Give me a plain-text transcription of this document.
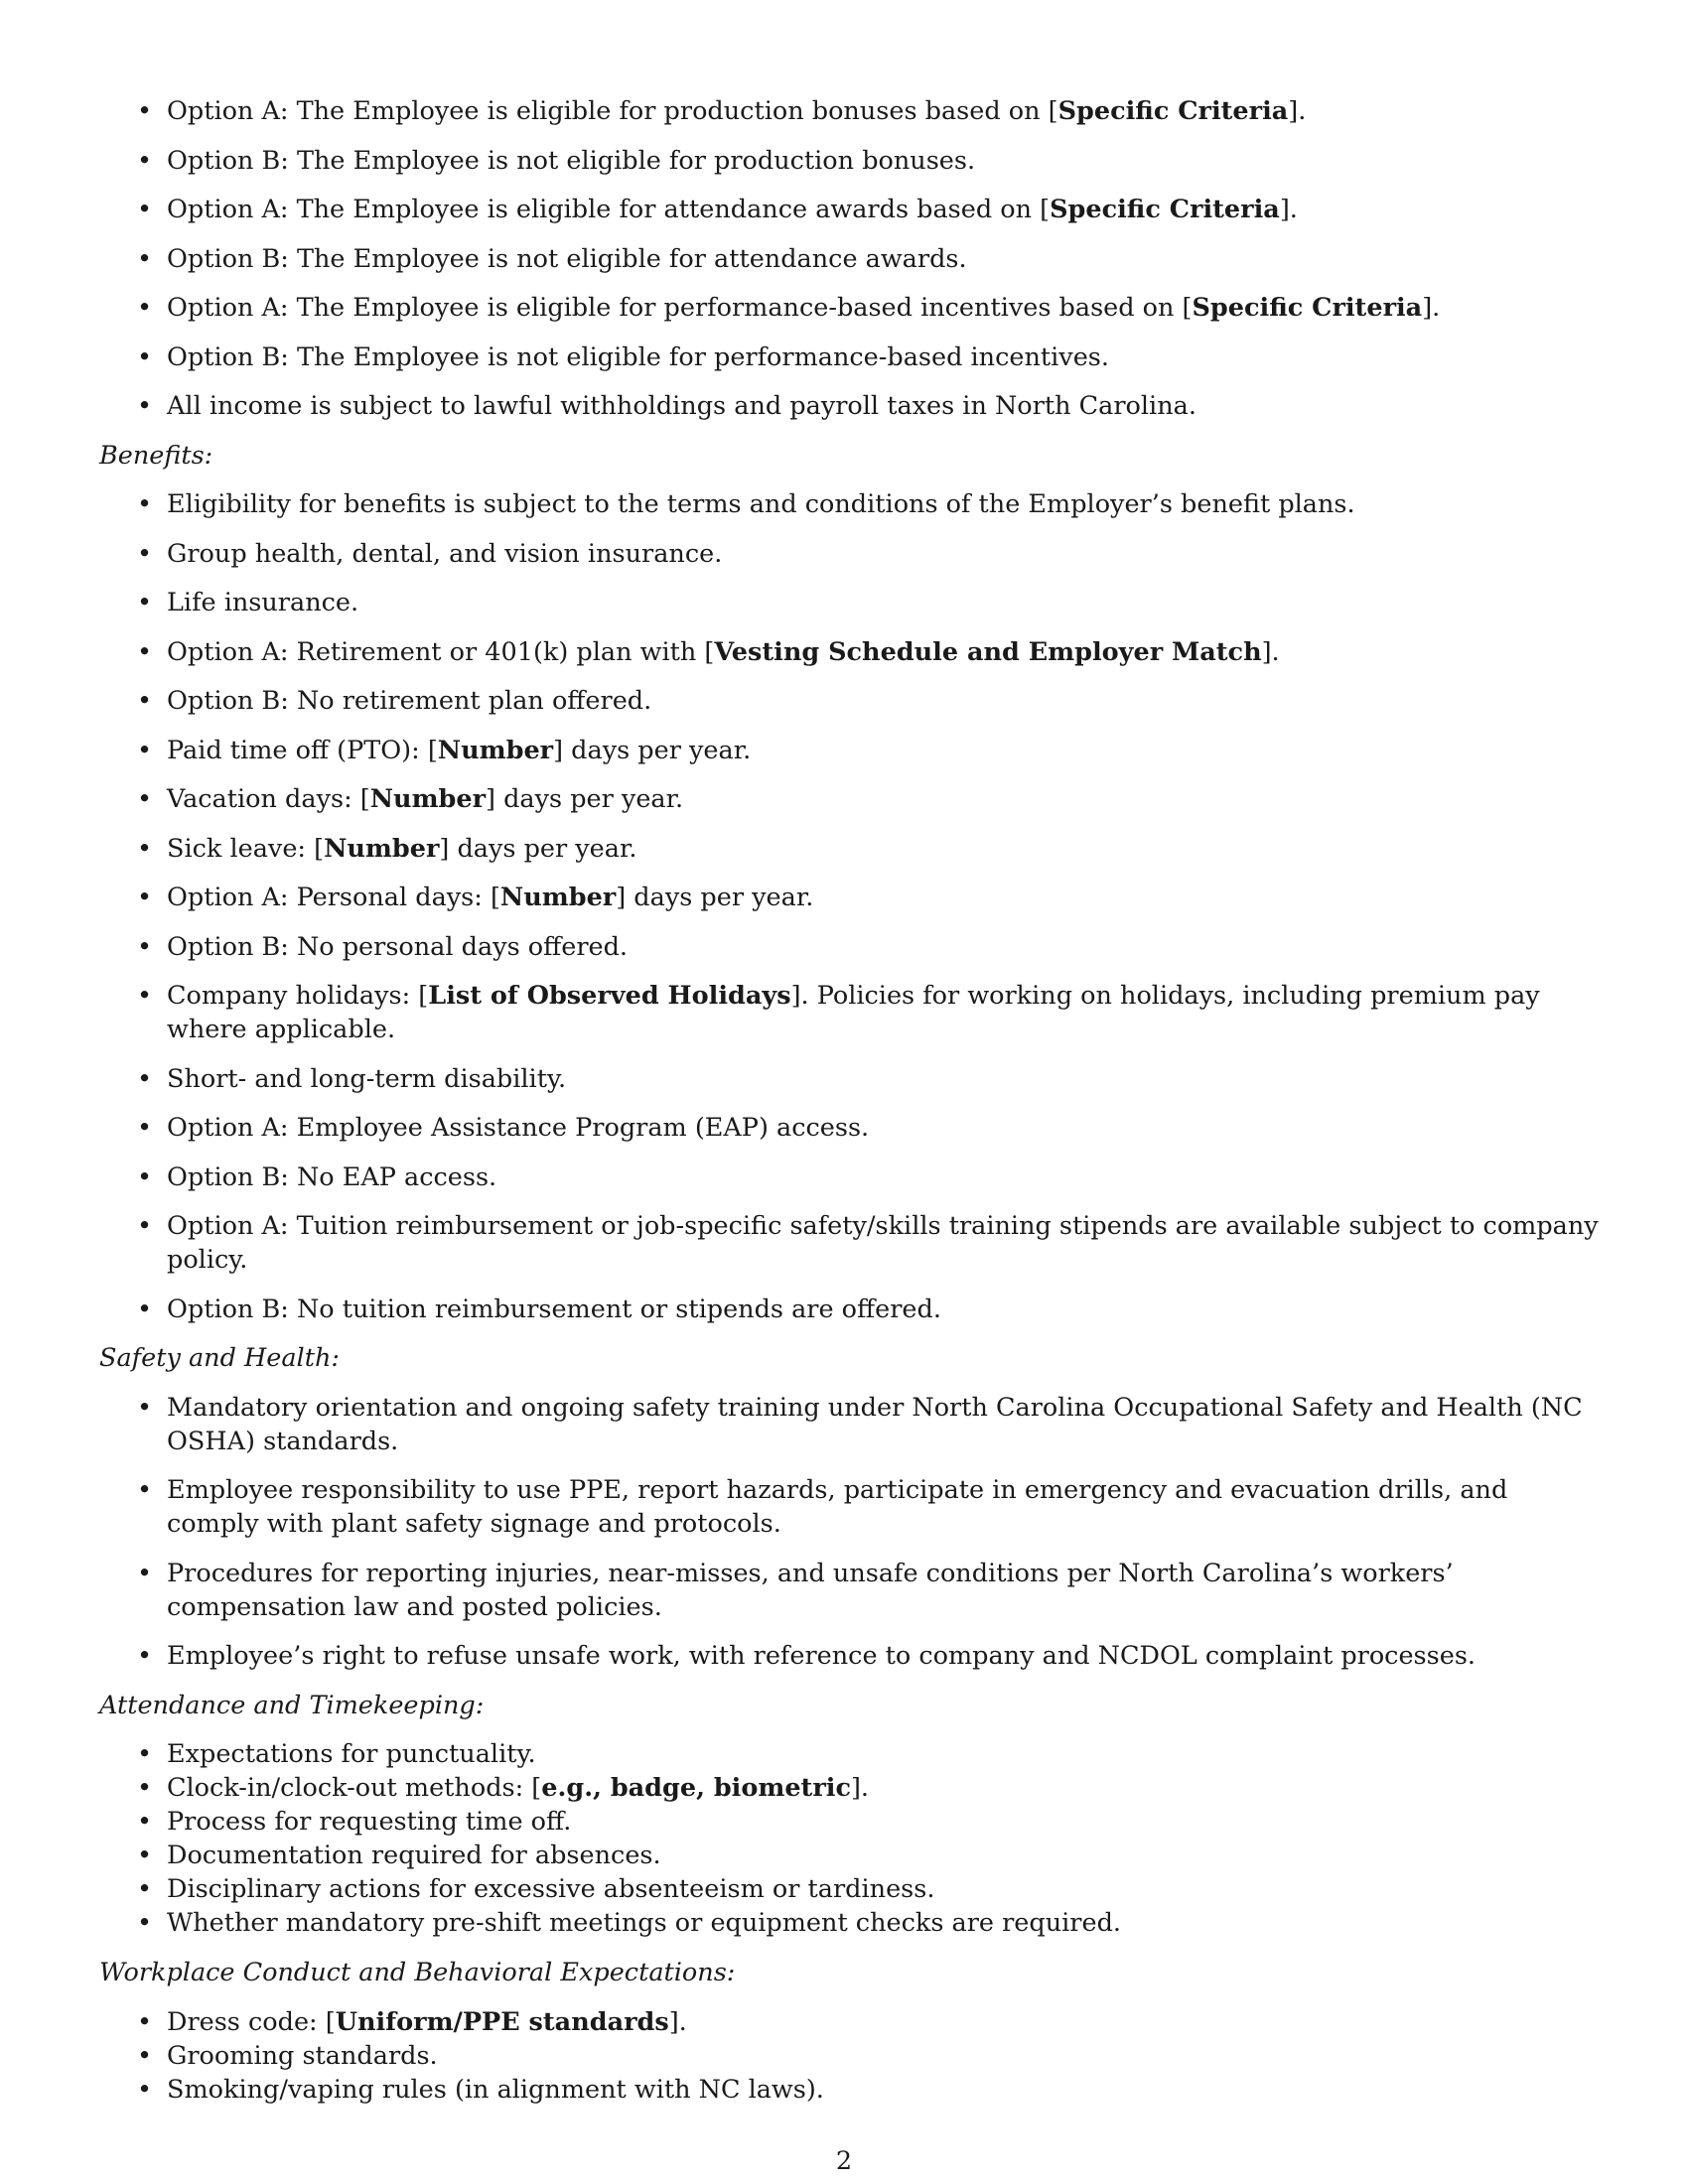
• Option A: The Employee is eligible for production bonuses based on [Specific Criteria].
• Option B: The Employee is not eligible for production bonuses.
• Option A: The Employee is eligible for attendance awards based on [Specific Criteria].
• Option B: The Employee is not eligible for attendance awards.
• Option A: The Employee is eligible for performance-based incentives based on [Specific Criteria].
• Option B: The Employee is not eligible for performance-based incentives.
• All income is subject to lawful withholdings and payroll taxes in North Carolina.
Benefits:
• Eligibility for benefits is subject to the terms and conditions of the Employer’s benefit plans.
• Group health, dental, and vision insurance.
• Life insurance.
• Option A: Retirement or 401(k) plan with [Vesting Schedule and Employer Match].
• Option B: No retirement plan offered.
• Paid time off (PTO): [Number] days per year.
• Vacation days: [Number] days per year.
• Sick leave: [Number] days per year.
• Option A: Personal days: [Number] days per year.
• Option B: No personal days offered.
• Company holidays: [List of Observed Holidays]. Policies for working on holidays, including premium pay where applicable.
• Short- and long-term disability.
• Option A: Employee Assistance Program (EAP) access.
• Option B: No EAP access.
• Option A: Tuition reimbursement or job-specific safety/skills training stipends are available subject to company policy.
• Option B: No tuition reimbursement or stipends are offered.
Safety and Health:
• Mandatory orientation and ongoing safety training under North Carolina Occupational Safety and Health (NC OSHA) standards.
• Employee responsibility to use PPE, report hazards, participate in emergency and evacuation drills, and comply with plant safety signage and protocols.
• Procedures for reporting injuries, near-misses, and unsafe conditions per North Carolina’s workers’ compensation law and posted policies.
• Employee’s right to refuse unsafe work, with reference to company and NCDOL complaint processes.
Attendance and Timekeeping:
• Expectations for punctuality.
• Clock-in/clock-out methods: [e.g., badge, biometric].
• Process for requesting time off.
• Documentation required for absences.
• Disciplinary actions for excessive absenteeism or tardiness.
• Whether mandatory pre-shift meetings or equipment checks are required.
Workplace Conduct and Behavioral Expectations:
• Dress code: [Uniform/PPE standards].
• Grooming standards.
• Smoking/vaping rules (in alignment with NC laws).
2
